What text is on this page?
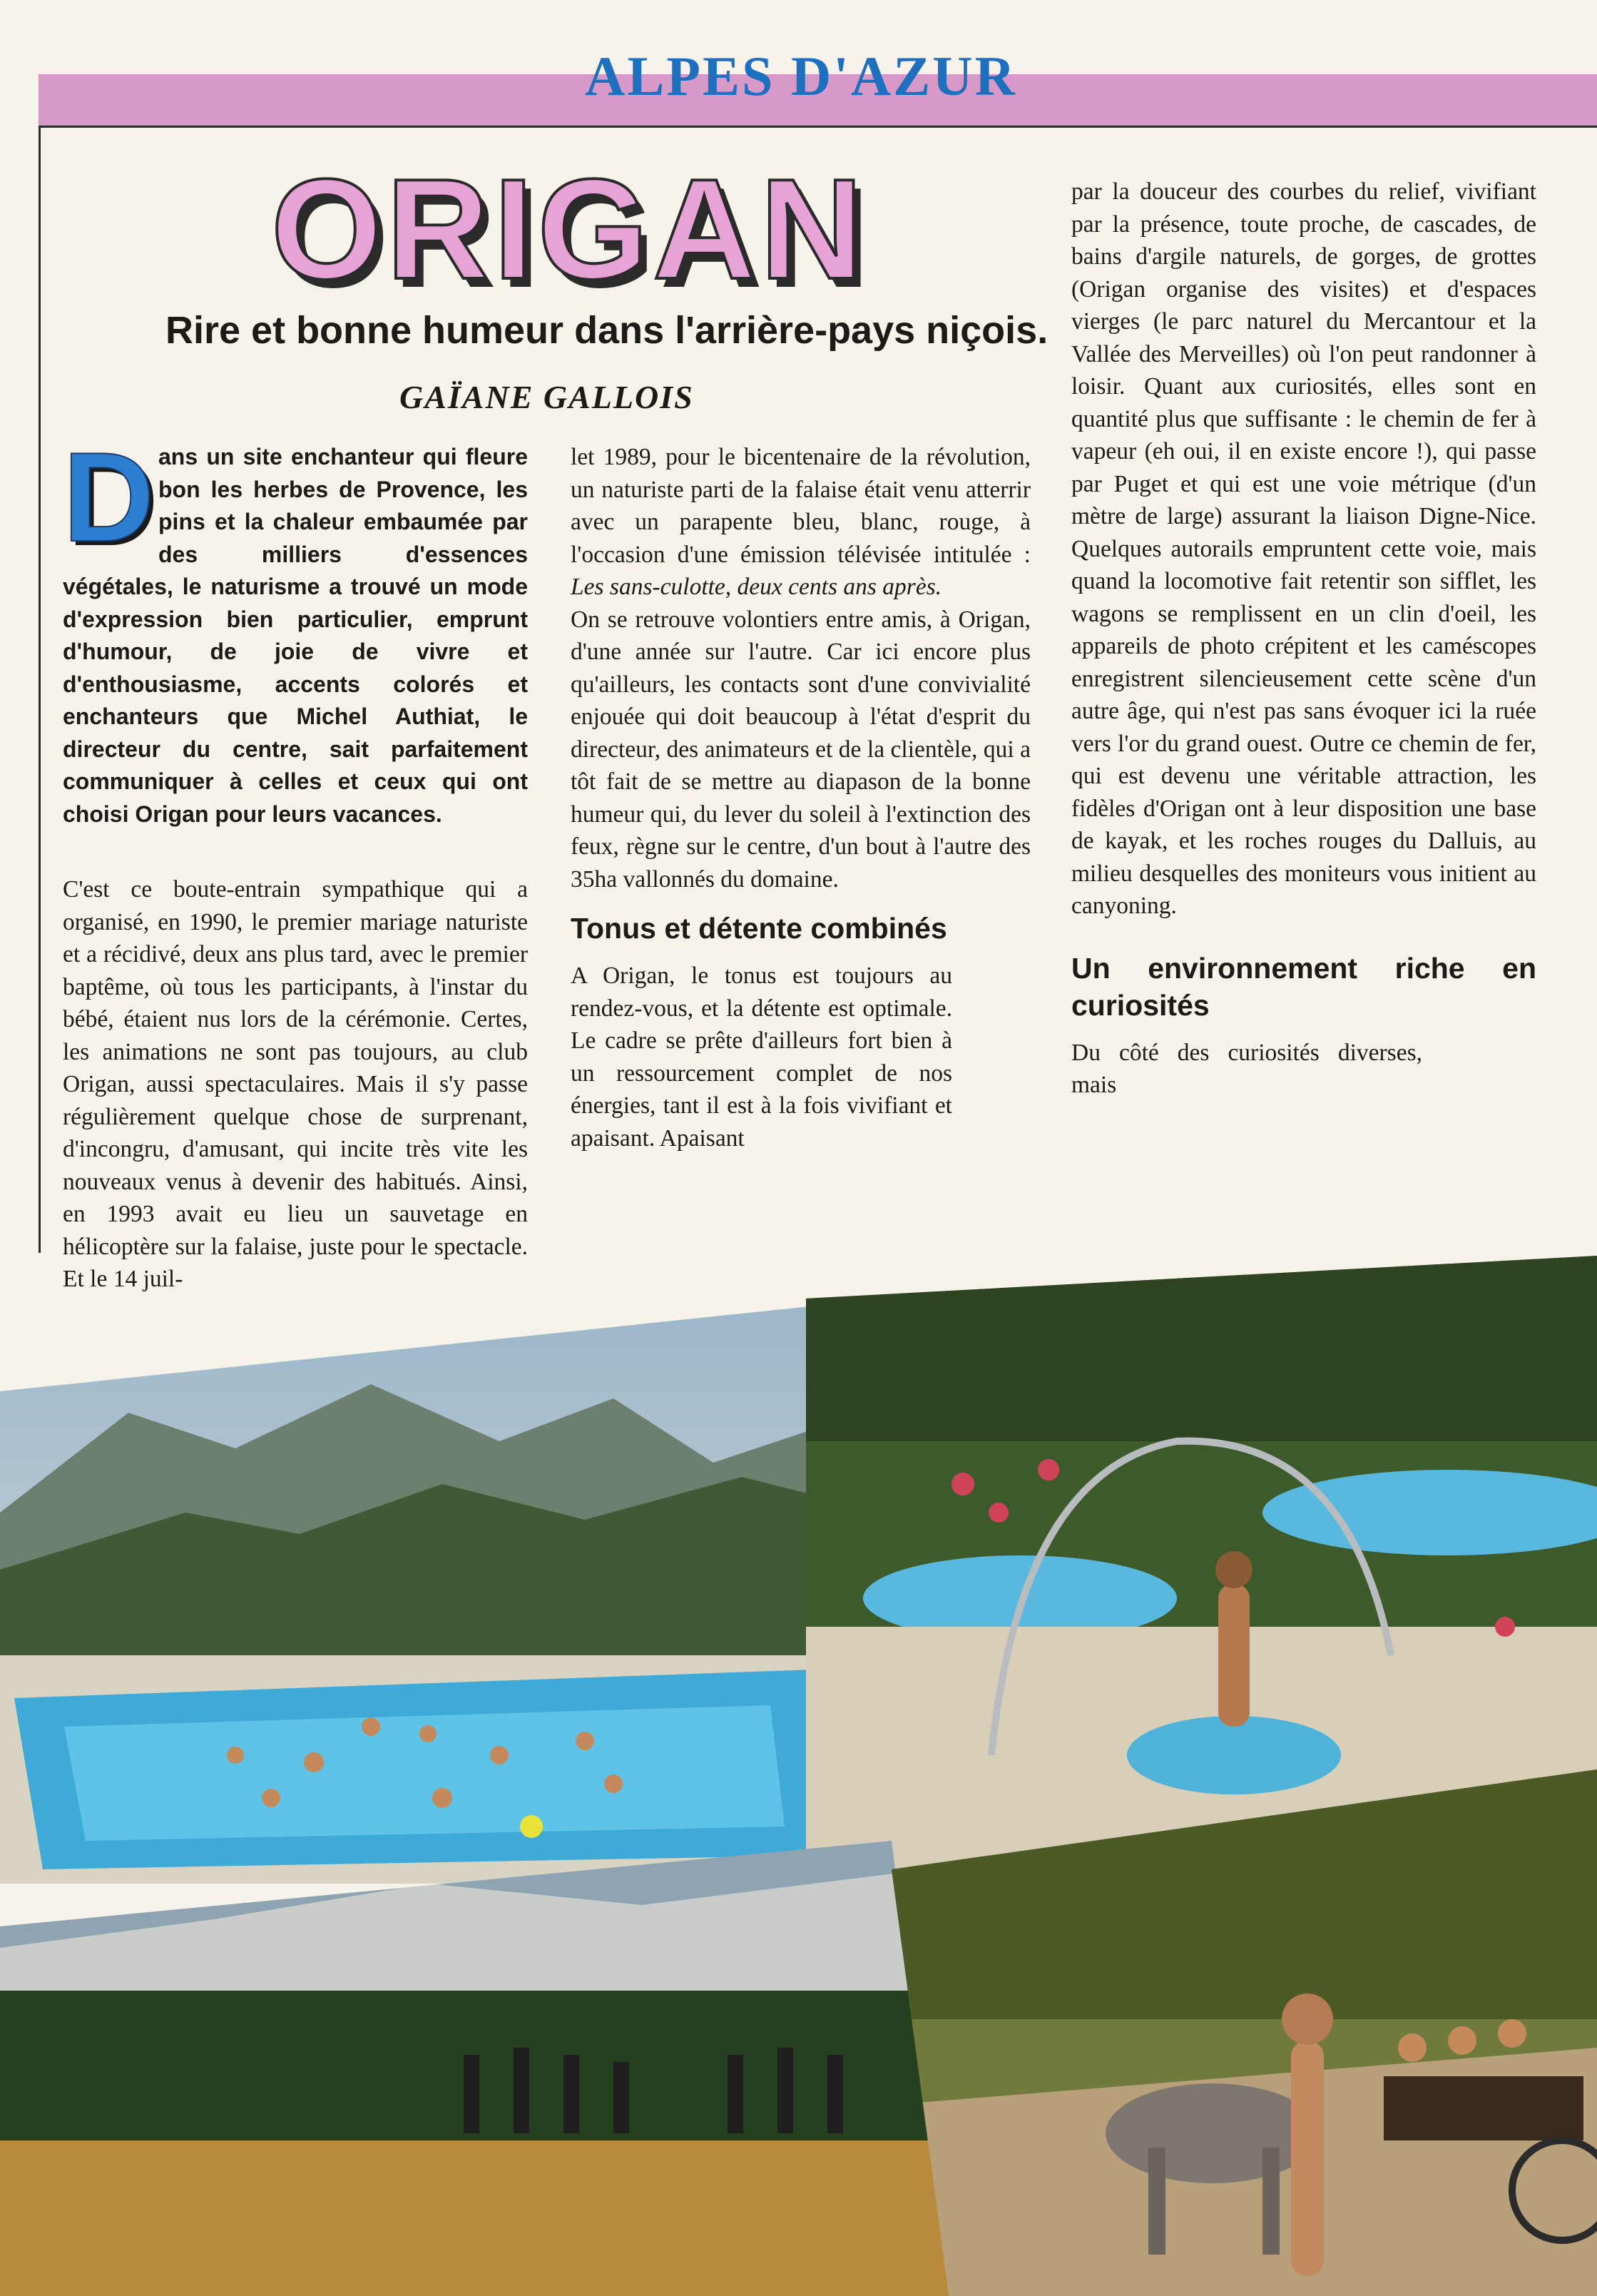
ALPES D'AZUR
ORIGAN
Rire et bonne humeur dans l'arrière-pays niçois.
GAÏANE GALLOIS

Dans un site enchanteur qui fleure bon les herbes de Provence, les pins et la chaleur embaumée par des milliers d'essences végétales, le naturisme a trouvé un mode d'expression bien particulier, emprunt d'humour, de joie de vivre et d'enthousiasme, accents colorés et enchanteurs que Michel Authiat, le directeur du centre, sait parfaitement communiquer à celles et ceux qui ont choisi Origan pour leurs vacances.

C'est ce boute-entrain sympathique qui a organisé, en 1990, le premier mariage naturiste et a récidivé, deux ans plus tard, avec le premier baptême, où tous les participants, à l'instar du bébé, étaient nus lors de la cérémonie. Certes, les animations ne sont pas toujours, au club Origan, aussi spectaculaires. Mais il s'y passe régulièrement quelque chose de surprenant, d'incongru, d'amusant, qui incite très vite les nouveaux venus à devenir des habitués. Ainsi, en 1993 avait eu lieu un sauvetage en hélicoptère sur la falaise, juste pour le spectacle. Et le 14 juil-

let 1989, pour le bicentenaire de la révolution, un naturiste parti de la falaise était venu atterrir avec un parapente bleu, blanc, rouge, à l'occasion d'une émission télévisée intitulée : Les sans-culotte, deux cents ans après.

On se retrouve volontiers entre amis, à Origan, d'une année sur l'autre. Car ici encore plus qu'ailleurs, les contacts sont d'une convivialité enjouée qui doit beaucoup à l'état d'esprit du directeur, des animateurs et de la clientèle, qui a tôt fait de se mettre au diapason de la bonne humeur qui, du lever du soleil à l'extinction des feux, règne sur le centre, d'un bout à l'autre des 35ha vallonnés du domaine.

Tonus et détente combinés

A Origan, le tonus est toujours au rendez-vous, et la détente est optimale. Le cadre se prête d'ailleurs fort bien à un ressourcement complet de nos énergies, tant il est à la fois vivifiant et apaisant. Apaisant

par la douceur des courbes du relief, vivifiant par la présence, toute proche, de cascades, de bains d'argile naturels, de gorges, de grottes (Origan organise des visites) et d'espaces vierges (le parc naturel du Mercantour et la Vallée des Merveilles) où l'on peut randonner à loisir. Quant aux curiosités, elles sont en quantité plus que suffisante : le chemin de fer à vapeur (eh oui, il en existe encore !), qui passe par Puget et qui est une voie métrique (d'un mètre de large) assurant la liaison Digne-Nice. Quelques autorails empruntent cette voie, mais quand la locomotive fait retentir son sifflet, les wagons se remplissent en un clin d'oeil, les appareils de photo crépitent et les caméscopes enregistrent silencieusement cette scène d'un autre âge, qui n'est pas sans évoquer ici la ruée vers l'or du grand ouest. Outre ce chemin de fer, qui est devenu une véritable attraction, les fidèles d'Origan ont à leur disposition une base de kayak, et les roches rouges du Dalluis, au milieu desquelles des moniteurs vous initient au canyoning.

Un environnement riche en curiosités

Du côté des curiosités diverses, mais
